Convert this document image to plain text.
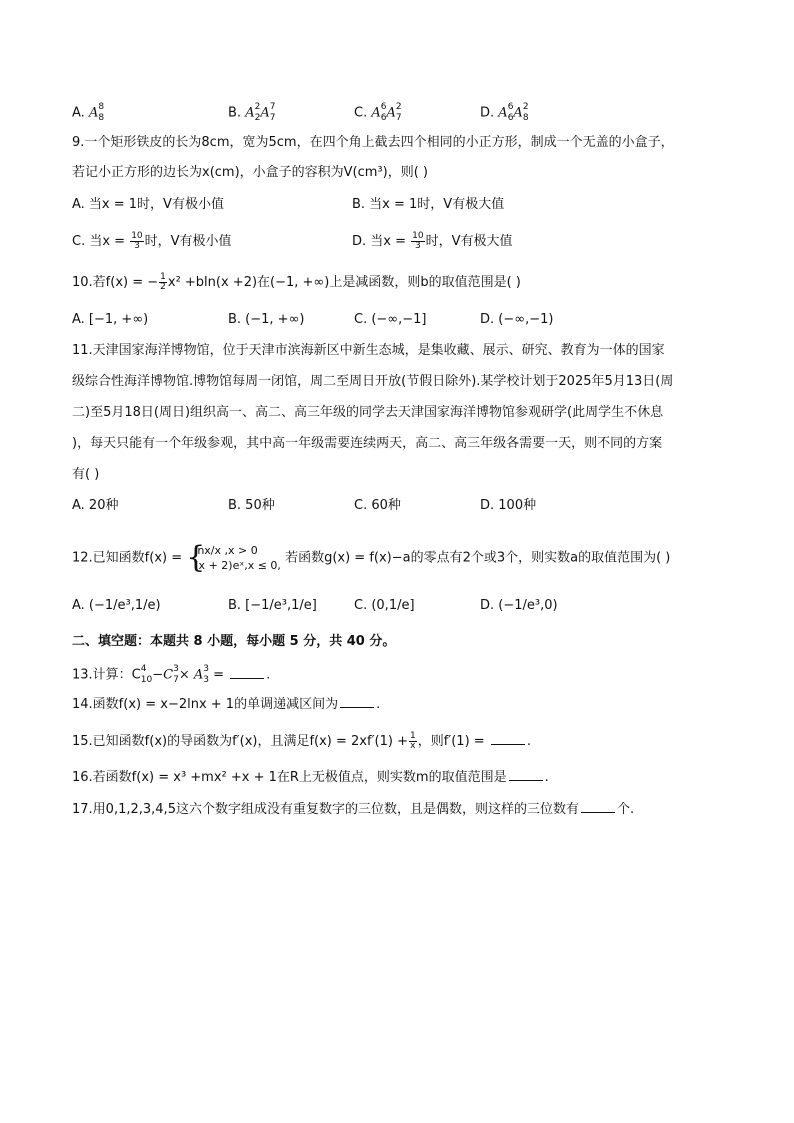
A. A 8
8	B. A 2
2 A 7
7	C. A 6
6 A 2
7	D. A 6
6 A 2
8
9.一个矩形铁皮的长为8cm，宽为5cm，在四个角上截去四个相同的小正方形，制成一个无盖的小盒子，
若记小正方形的边长为x(cm)，小盒子的容积为V(cm³)，则( )
A. 当x = 1时，V有极小值	B. 当x = 1时，V有极大值
C. 当$x = \frac{10}{3}$ 时，V有极小值	D. 当$x = \frac{10}{3}$ 时，V有极大值
10.若f(x) = − $\frac{1}{2} x^2 +bln(x +2)$在(−1, +∞)上是减函数，则b的取值范围是( )
A. [−1, +∞)	B. (−1, +∞)	C. (−∞,−1]	D. (−∞,−1)
11.天津国家海洋博物馆，位于天津市滨海新区中新生态城，是集收藏、展示、研究、教育为一体的国家
级综合性海洋博物馆.博物馆每周一闭馆，周二至周日开放(节假日除外).某学校计划于2025年5月13日(周
二)至5月18日(周日)组织高一、高二、高三年级的同学去天津国家海洋博物馆参观研学(此周学生不休息
)，每天只能有一个年级参观，其中高一年级需要连续两天，高二、高三年级各需要一天，则不同的方案
有( )
A. 20种	B. 50种	C. 60种	D. 100种
12.已知函数f(x) = {
lnx/x ,x > 0
(x + 2)eˣ,x ≤ 0, 若函数g(x) = f(x)−a的零点有2个或3个，则实数a的取值范围为( )
A. (−1/e³,1/e)	B. [−1/e³,1/e]	C. (0,1/e]	D. (−1/e³,0)
二、填空题：本题共 8 小题，每小题 5 分，共 40 分。
13.计算：C 4
10 −C 3
7 × A 3
3 =	.
14.函数f(x) = x−2lnx + 1的单调递减区间为	.
15.已知函数f(x)的导函数为f′(x)，且满足$f(x) = 2xf'(1) + \frac{1}{x}$ ，则f′(1) =	.
16.若函数f(x) = x³ +mx² +x + 1在R上无极值点，则实数m的取值范围是	.
17.用0,1,2,3,4,5这六个数字组成没有重复数字的三位数，且是偶数，则这样的三位数有	个.
